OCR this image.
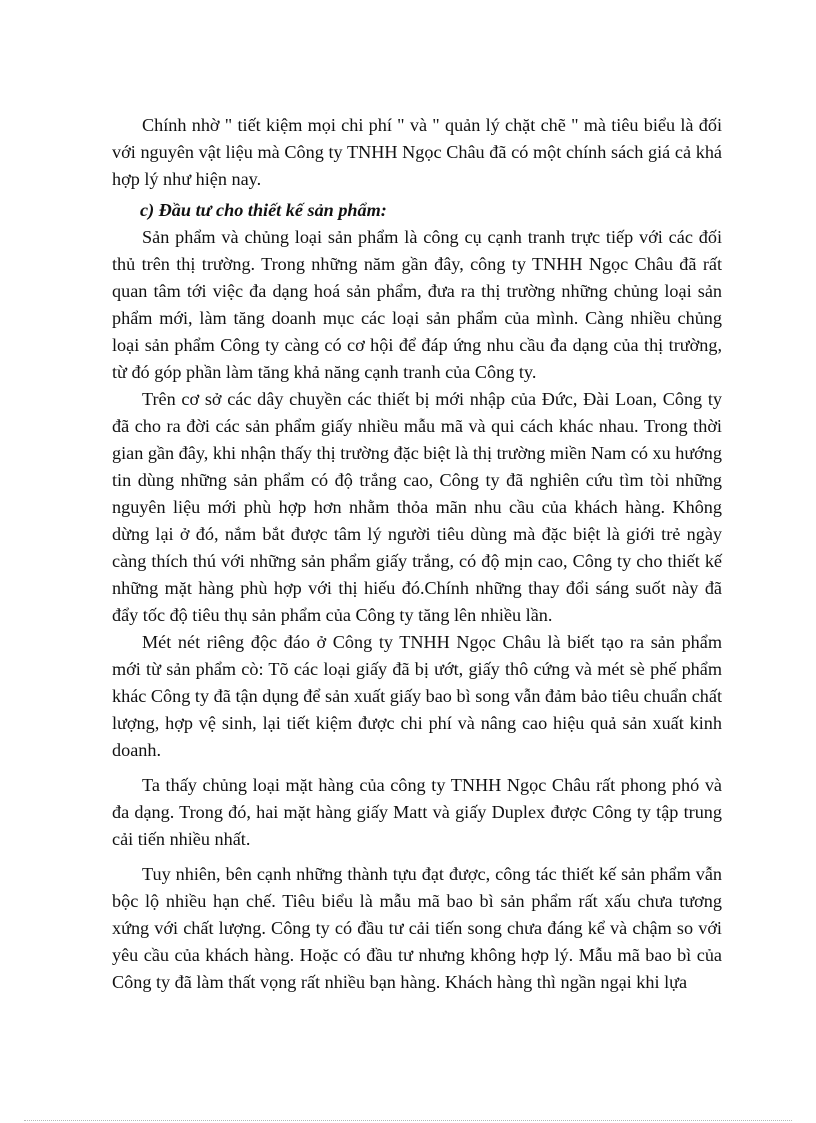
Chính nhờ " tiết kiệm mọi chi phí " và " quản lý chặt chẽ " mà tiêu biểu là đối với nguyên vật liệu mà Công ty TNHH Ngọc Châu đã có một chính sách giá cả khá hợp lý như hiện nay.

c) Đầu tư cho thiết kế sản phẩm:

Sản phẩm và chủng loại sản phẩm là công cụ cạnh tranh trực tiếp với các đối thủ trên thị trường. Trong những năm gần đây, công ty TNHH Ngọc Châu đã rất quan tâm tới việc đa dạng hoá sản phẩm, đưa ra thị trường những chủng loại sản phẩm mới, làm tăng doanh mục các loại sản phẩm của mình. Càng nhiều chủng loại sản phẩm Công ty càng có cơ hội để đáp ứng nhu cầu đa dạng của thị trường, từ đó góp phần làm tăng khả năng cạnh tranh của Công ty.

Trên cơ sở các dây chuyền các thiết bị mới nhập của Đức, Đài Loan, Công ty đã cho ra đời các sản phẩm giấy nhiều mẫu mã và qui cách khác nhau. Trong thời gian gần đây, khi nhận thấy thị trường đặc biệt là thị trường miền Nam có xu hướng tin dùng những sản phẩm có độ trắng cao, Công ty đã nghiên cứu tìm tòi những nguyên liệu mới phù hợp hơn nhằm thỏa mãn nhu cầu của khách hàng. Không dừng lại ở đó, nắm bắt được tâm lý người tiêu dùng mà đặc biệt là giới trẻ ngày càng thích thú với những sản phẩm giấy trắng, có độ mịn cao, Công ty cho thiết kế những mặt hàng phù hợp với thị hiếu đó.Chính những thay đổi sáng suốt này đã đẩy tốc độ tiêu thụ sản phẩm của Công ty tăng lên nhiều lần.

Mét nét riêng độc đáo ở Công ty TNHH Ngọc Châu là biết tạo ra sản phẩm mới từ sản phẩm cò: Tõ các loại giấy đã bị ướt, giấy thô cứng và mét sè phế phẩm khác Công ty đã tận dụng để sản xuất giấy bao bì song vẫn đảm bảo tiêu chuẩn chất lượng, hợp vệ sinh, lại tiết kiệm được chi phí và nâng cao hiệu quả sản xuất kinh doanh.

Ta thấy chủng loại mặt hàng của công ty TNHH Ngọc Châu rất phong phó và đa dạng. Trong đó, hai mặt hàng giấy Matt và giấy Duplex được Công ty tập trung cải tiến nhiều nhất.

Tuy nhiên, bên cạnh những thành tựu đạt được, công tác thiết kế sản phẩm vẫn bộc lộ nhiều hạn chế. Tiêu biểu là mẫu mã bao bì sản phẩm rất xấu chưa tương xứng với chất lượng. Công ty có đầu tư cải tiến song chưa đáng kể và chậm so với yêu cầu của khách hàng. Hoặc có đầu tư nhưng không hợp lý. Mẫu mã bao bì của Công ty đã làm thất vọng rất nhiều bạn hàng. Khách hàng thì ngần ngại khi lựa
